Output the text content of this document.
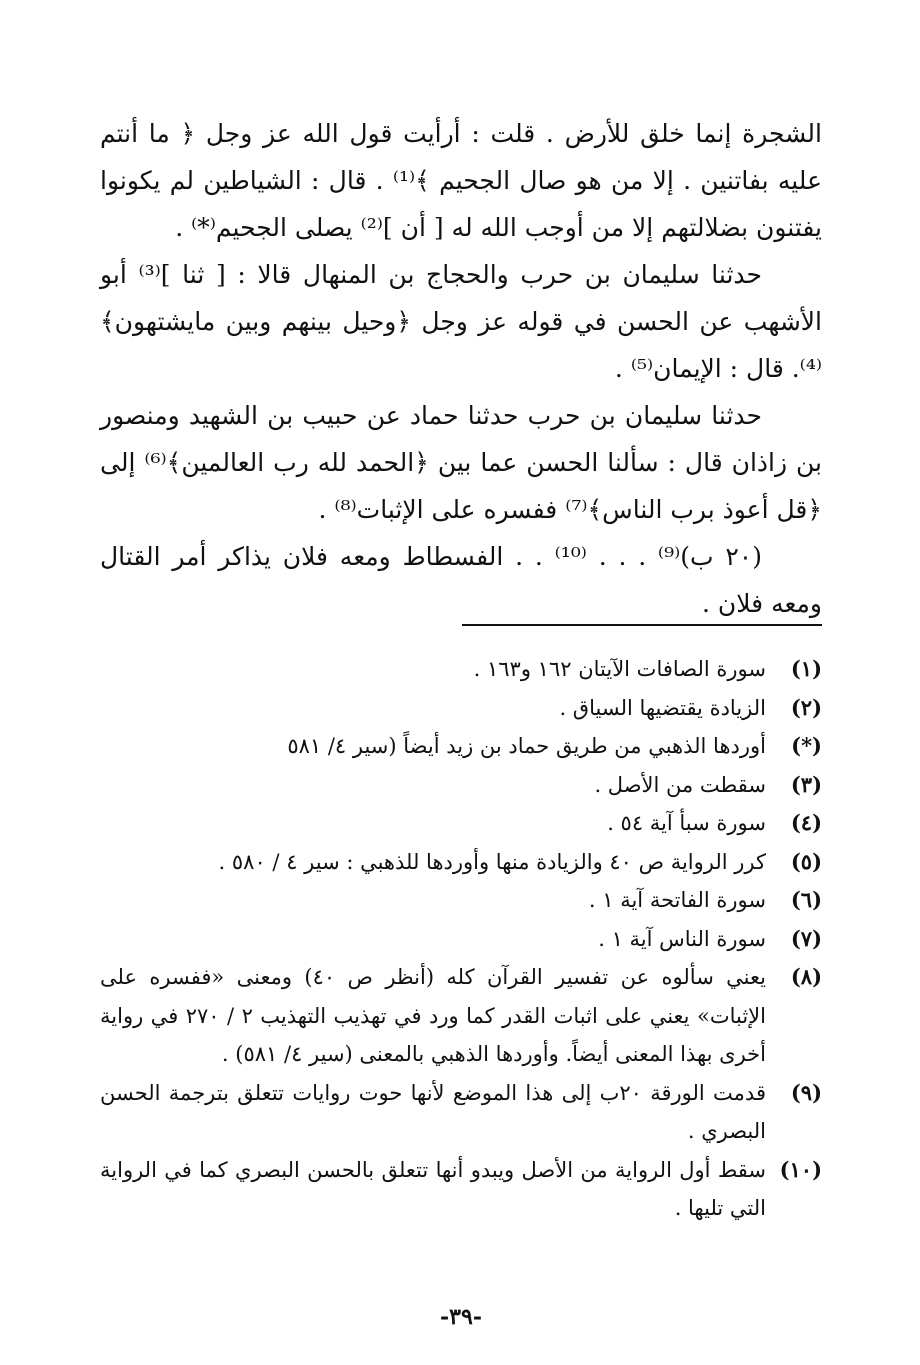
الشجرة إنما خلق للأرض . قلت : أرأيت قول الله عز وجل ﴿ ما أنتم عليه بفاتنين . إلا من هو صال الجحيم ﴾⁽¹⁾ . قال : الشياطين لم يكونوا يفتنون بضلالتهم إلا من أوجب الله له [ أن ]⁽²⁾ يصلى الجحيم⁽*⁾ .

حدثنا سليمان بن حرب والحجاج بن المنهال قالا : [ ثنا ]⁽³⁾ أبو الأشهب عن الحسن في قوله عز وجل ﴿وحيل بينهم وبين مايشتهون﴾⁽⁴⁾. قال : الإيمان⁽⁵⁾ .

حدثنا سليمان بن حرب حدثنا حماد عن حبيب بن الشهيد ومنصور بن زاذان قال : سألنا الحسن عما بين ﴿الحمد لله رب العالمين﴾⁽⁶⁾ إلى ﴿قل أعوذ برب الناس﴾⁽⁷⁾ ففسره على الإثبات⁽⁸⁾ .

(٢٠ ب)⁽⁹⁾ . . . ⁽¹⁰⁾ . . الفسطاط ومعه فلان يذاكر أمر القتال ومعه فلان .

(١)
سورة الصافات الآيتان ١٦٢ و١٦٣ .
(٢)
الزيادة يقتضيها السياق .
(*)
أوردها الذهبي من طريق حماد بن زيد أيضاً (سير ٤/ ٥٨١
(٣)
سقطت من الأصل .
(٤)
سورة سبأ آية ٥٤ .
(٥)
كرر الرواية ص ٤٠ والزيادة منها وأوردها للذهبي : سير ٤ / ٥٨٠ .
(٦)
سورة الفاتحة آية ١ .
(٧)
سورة الناس آية ١ .
(٨)
يعني سألوه عن تفسير القرآن كله (أنظر ص ٤٠) ومعنى «ففسره على الإثبات» يعني على اثبات القدر كما ورد في تهذيب التهذيب ٢ / ٢٧٠ في رواية أخرى بهذا المعنى أيضاً. وأوردها الذهبي بالمعنى (سير ٤/ ٥٨١) .
(٩)
قدمت الورقة ٢٠ب إلى هذا الموضع لأنها حوت روايات تتعلق بترجمة الحسن البصري .
(١٠)
سقط أول الرواية من الأصل ويبدو أنها تتعلق بالحسن البصري كما في الرواية التي تليها .
-٣٩-
